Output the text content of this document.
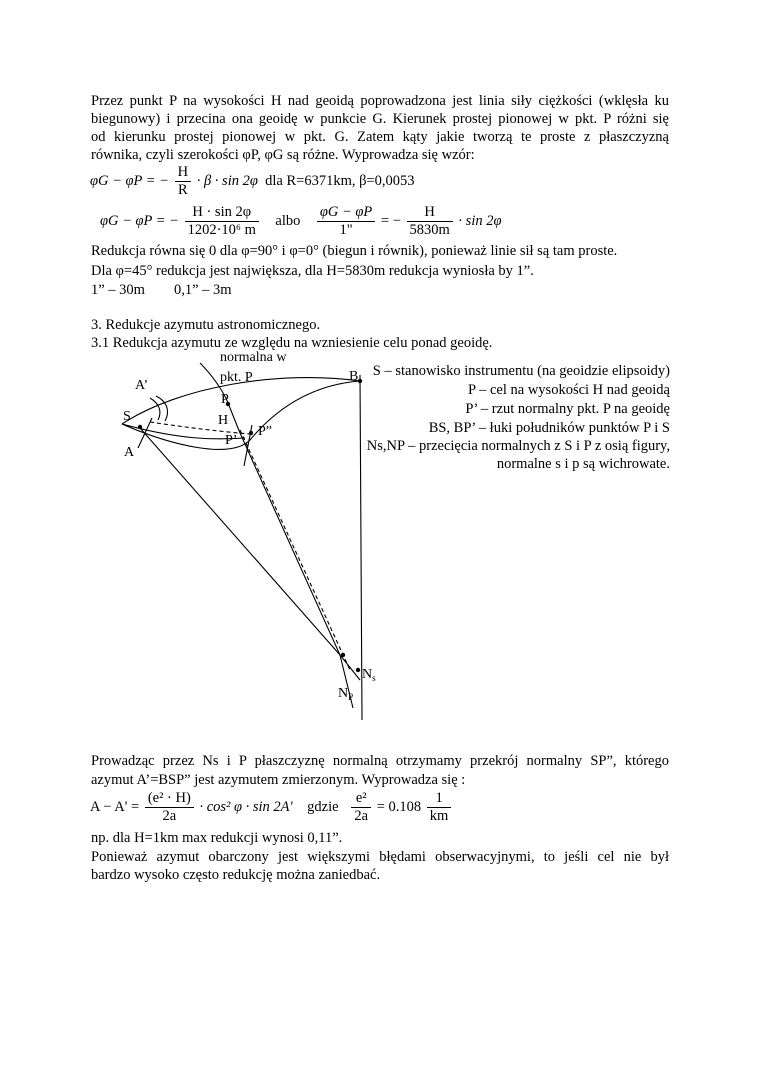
Przez punkt P na wysokości H nad geoidą poprowadzona jest linia siły ciężkości (wklęsła ku
biegunowy) i przecina ona geoidę w punkcie G. Kierunek prostej pionowej w pkt. P różni się
od kierunku prostej pionowej w pkt. G. Zatem kąty jakie tworzą te proste z płaszczyzną
równika, czyli szerokości φP, φG są różne. Wyprowadza się wzór:
φG − φP = − $\frac{H}{R} \cdot \beta \cdot \sin 2\varphi$ dla R=6371km, β=0,0053
φG − φP = − $\frac{H \cdot \sin 2\varphi}{\text{1202·10⁶ m}}$ albo $\frac{\varphi G - \varphi P}{1"}$ = − $\frac{H}{5830m} \cdot \sin 2\varphi$
Redukcja równa się 0 dla φ=90° i φ=0° (biegun i równik), ponieważ linie sił są tam proste.
Dla φ=45° redukcja jest największa, dla H=5830m redukcja wyniosła by 1”.
1” – 30m        0,1” – 3m
3. Redukcje azymutu astronomicznego.
3.1 Redukcja azymutu ze względu na wzniesienie celu ponad geoidę.
normalna w
pkt. P
A’
S
A
P
H
P’
P”
B
$N_s$
$N_P$
S – stanowisko instrumentu (na geoidzie elipsoidy)
P – cel na wysokości H nad geoidą
P’ – rzut normalny pkt. P na geoidę
BS, BP’ – łuki południków punktów P i S
Ns,NP – przecięcia normalnych z S i P z osią figury,
normalne s i p są wichrowate.
Prowadząc przez Ns i P płaszczyznę normalną otrzymamy przekrój normalny SP”, którego
azymut A’=BSP” jest azymutem zmierzonym. Wyprowadza się :
$A - A' = \frac{\text{(e² · H)}}{2a} \cdot \cos^2$ φ · sin 2A' gdzie $\frac{\text{e²}}{2a} = 0.108 \frac{1}{km}$
np. dla H=1km max redukcji wynosi 0,11”.
Ponieważ azymut obarczony jest większymi błędami obserwacyjnymi, to jeśli cel nie był
bardzo wysoko często redukcję można zaniedbać.
